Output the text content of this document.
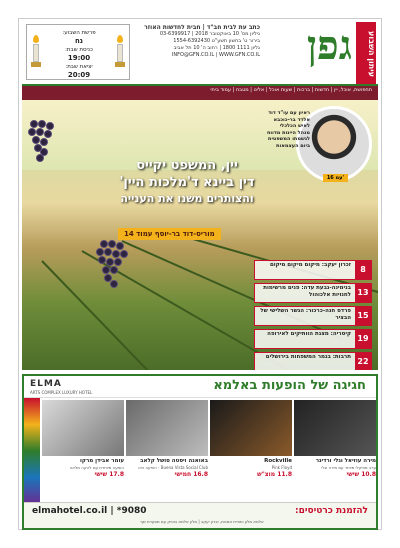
פרשת השבוע:
נח
כניסת שבת:
19:00
יציאת שבת:
20:09
כתב עת לבית חב"ד | חבית לחדשות האוזר
גיליון מס' 10 באוקטובר 2018 | 03-6399917
בירור ט' בחשון תשע"ט 1554-6392430
גליון 1111 1800 | רחוב ה' 10 תל אביב
INFO@GFN.CO.IL | WWW.GFN.CO.IL גפן	עיתון השבוע
תחפושת, אוכל, יין | חדשות | ברכות | שעות אוכל | אלינו | מטבח | עמוד ביתי
ראיון עם עו"ד דוד אלדד בר-כוכבא לאיש הכלכלי מנהל היינות מדווח לגשמתו המשפטית ביום העצמאות
16 עמ'
יין, המשפט יקייס
דין ביינא ד'מלכות היין'
והצותרים משנו את הענייה
מוריס-דוד בר-יוסף עמוד 14
8
זכרון יעקב: מיקום מיקום מיקום
13
בנימינה-גבעת עדה: פנים מרשימות לחנויות אלכוהול
15
פרדס חנה-כרכור: הגשר השלישי של הבציר
19
קיסריה: מצגת הוותיקים לאירופה
22
תרבות: בגמר המשפחות בירושלים
ELMA
ARTS COMPLEX LUXURY HOTEL	חגיגה של הופעות באלמא
מירה עוזיאל וגלי ורדיגר
ערב מוזיקלי מיוחד עם מירה וגלי
10.8 שישי
Rockville
Pink Floyd
11.8 מוצ"ש
באואנה ויסטה סושל קלאב
Buena Vista Social Club - הופעה חיה
16.8 חמישי
עומר אבידן מרקו
הופעה מיוחדת עם להקה מלאה
17.8 שישי
להזמנת כרטיסים:
elmahotel.co.il | *9080
אלמא מלון וחוויית אמנות, זכרון יעקב | מלון אלמא בוטיק עם מסעדת שף
